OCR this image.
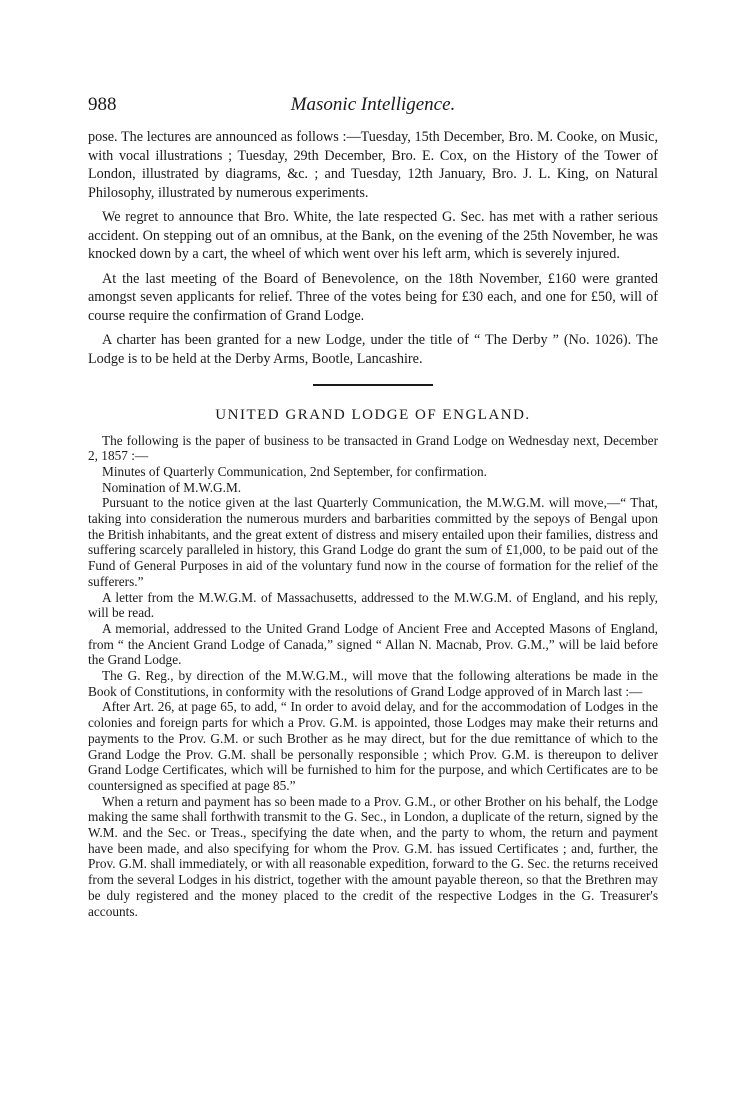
988	Masonic Intelligence.

pose. The lectures are announced as follows :—Tuesday, 15th December, Bro. M. Cooke, on Music, with vocal illustrations ; Tuesday, 29th December, Bro. E. Cox, on the History of the Tower of London, illustrated by diagrams, &c. ; and Tuesday, 12th January, Bro. J. L. King, on Natural Philosophy, illustrated by numerous experiments.

We regret to announce that Bro. White, the late respected G. Sec. has met with a rather serious accident. On stepping out of an omnibus, at the Bank, on the evening of the 25th November, he was knocked down by a cart, the wheel of which went over his left arm, which is severely injured.

At the last meeting of the Board of Benevolence, on the 18th November, £160 were granted amongst seven applicants for relief. Three of the votes being for £30 each, and one for £50, will of course require the confirmation of Grand Lodge.

A charter has been granted for a new Lodge, under the title of “ The Derby ” (No. 1026). The Lodge is to be held at the Derby Arms, Bootle, Lancashire.

UNITED GRAND LODGE OF ENGLAND.

The following is the paper of business to be transacted in Grand Lodge on Wednesday next, December 2, 1857 :—

Minutes of Quarterly Communication, 2nd September, for confirmation.

Nomination of M.W.G.M.

Pursuant to the notice given at the last Quarterly Communication, the M.W.G.M. will move,—“ That, taking into consideration the numerous murders and barbarities committed by the sepoys of Bengal upon the British inhabitants, and the great extent of distress and misery entailed upon their families, distress and suffering scarcely paralleled in history, this Grand Lodge do grant the sum of £1,000, to be paid out of the Fund of General Purposes in aid of the voluntary fund now in the course of formation for the relief of the sufferers.”

A letter from the M.W.G.M. of Massachusetts, addressed to the M.W.G.M. of England, and his reply, will be read.

A memorial, addressed to the United Grand Lodge of Ancient Free and Accepted Masons of England, from “ the Ancient Grand Lodge of Canada,” signed “ Allan N. Macnab, Prov. G.M.,” will be laid before the Grand Lodge.

The G. Reg., by direction of the M.W.G.M., will move that the following alterations be made in the Book of Constitutions, in conformity with the resolutions of Grand Lodge approved of in March last :—

After Art. 26, at page 65, to add, “ In order to avoid delay, and for the accommodation of Lodges in the colonies and foreign parts for which a Prov. G.M. is appointed, those Lodges may make their returns and payments to the Prov. G.M. or such Brother as he may direct, but for the due remittance of which to the Grand Lodge the Prov. G.M. shall be personally responsible ; which Prov. G.M. is thereupon to deliver Grand Lodge Certificates, which will be furnished to him for the purpose, and which Certificates are to be countersigned as specified at page 85.”

When a return and payment has so been made to a Prov. G.M., or other Brother on his behalf, the Lodge making the same shall forthwith transmit to the G. Sec., in London, a duplicate of the return, signed by the W.M. and the Sec. or Treas., specifying the date when, and the party to whom, the return and payment have been made, and also specifying for whom the Prov. G.M. has issued Certificates ; and, further, the Prov. G.M. shall immediately, or with all reasonable expedition, forward to the G. Sec. the returns received from the several Lodges in his district, together with the amount payable thereon, so that the Brethren may be duly registered and the money placed to the credit of the respective Lodges in the G. Treasurer's accounts.
